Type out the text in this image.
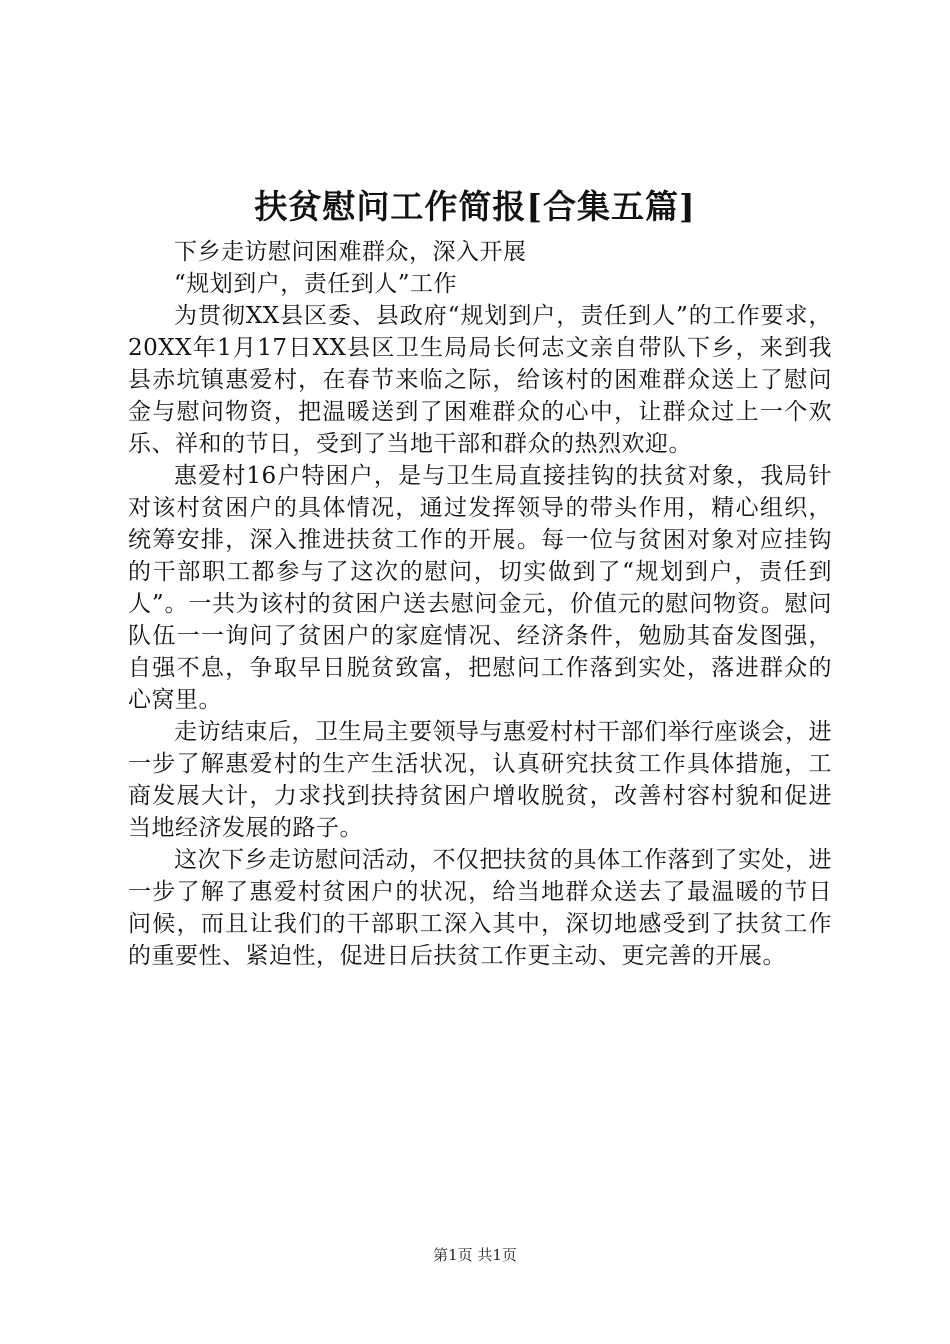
扶贫慰问工作简报[合集五篇]

下乡走访慰问困难群众，深入开展

“规划到户，责任到人”工作

为贯彻XX县区委、县政府“规划到户，责任到人”的工作要求，20XX年1月17日XX县区卫生局局长何志文亲自带队下乡，来到我县赤坑镇惠爱村，在春节来临之际，给该村的困难群众送上了慰问金与慰问物资，把温暖送到了困难群众的心中，让群众过上一个欢乐、祥和的节日，受到了当地干部和群众的热烈欢迎。

惠爱村16户特困户，是与卫生局直接挂钩的扶贫对象，我局针对该村贫困户的具体情况，通过发挥领导的带头作用，精心组织，统筹安排，深入推进扶贫工作的开展。每一位与贫困对象对应挂钩的干部职工都参与了这次的慰问，切实做到了“规划到户，责任到人”。一共为该村的贫困户送去慰问金元，价值元的慰问物资。慰问队伍一一询问了贫困户的家庭情况、经济条件，勉励其奋发图强，自强不息，争取早日脱贫致富，把慰问工作落到实处，落进群众的心窝里。

走访结束后，卫生局主要领导与惠爱村村干部们举行座谈会，进一步了解惠爱村的生产生活状况，认真研究扶贫工作具体措施，工商发展大计，力求找到扶持贫困户增收脱贫，改善村容村貌和促进当地经济发展的路子。

这次下乡走访慰问活动，不仅把扶贫的具体工作落到了实处，进一步了解了惠爱村贫困户的状况，给当地群众送去了最温暖的节日问候，而且让我们的干部职工深入其中，深切地感受到了扶贫工作的重要性、紧迫性，促进日后扶贫工作更主动、更完善的开展。

第1页 共1页
